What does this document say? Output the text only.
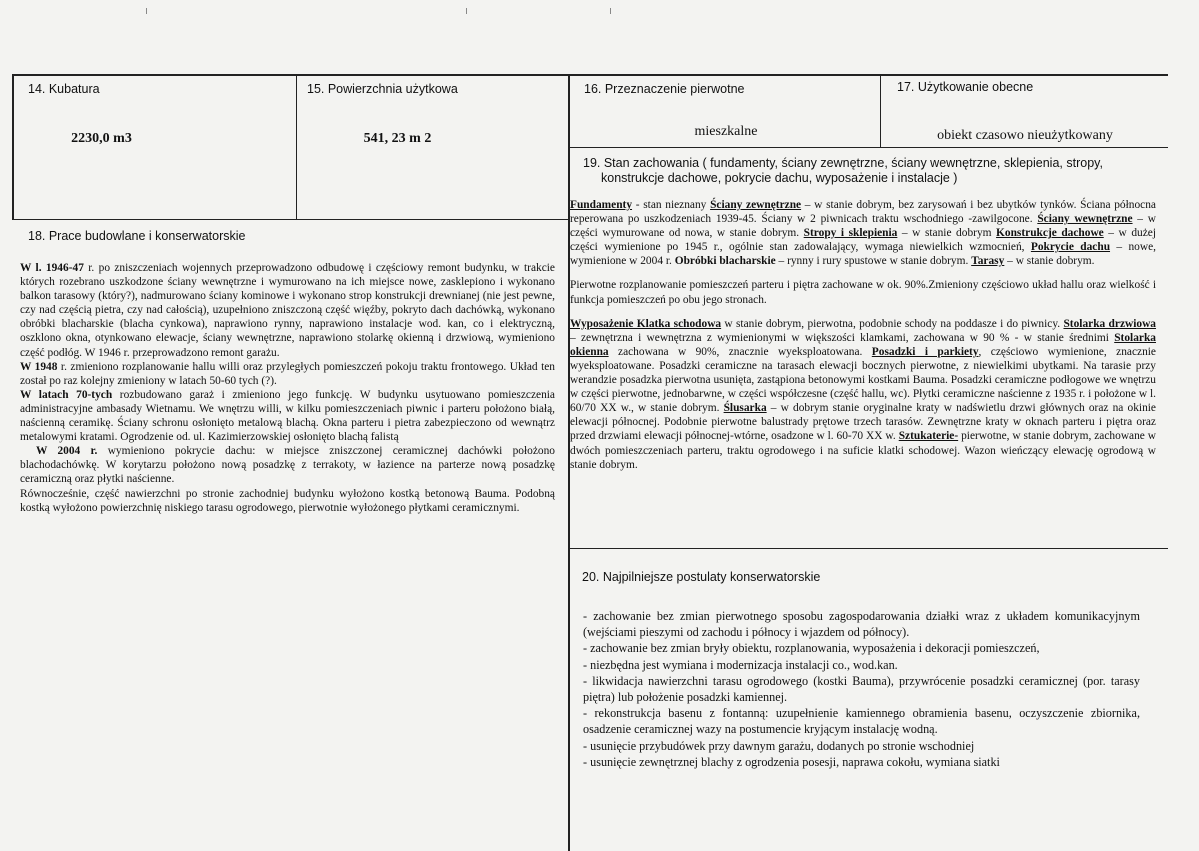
14. Kubatura
2230,0 m3
15. Powierzchnia użytkowa
541, 23 m 2
16. Przeznaczenie pierwotne
mieszkalne
17. Użytkowanie obecne
obiekt czasowo nieużytkowany
18. Prace budowlane i konserwatorskie

W l. 1946-47 r. po zniszczeniach wojennych przeprowadzono odbudowę i częściowy remont budynku, w trakcie których rozebrano uszkodzone ściany wewnętrzne i wymurowano na ich miejsce nowe, zasklepiono i wykonano balkon tarasowy (który?), nadmurowano ściany kominowe i wykonano strop konstrukcji drewnianej (nie jest pewne, czy nad częścią pietra, czy nad całością), uzupełniono zniszczoną część więźby, pokryto dach dachówką, wykonano obróbki blacharskie (blacha cynkowa), naprawiono rynny, naprawiono instalacje wod. kan, co i elektryczną, oszklono okna, otynkowano elewacje, ściany wewnętrzne, naprawiono stolarkę okienną i drzwiową, wymieniono część podłóg. W 1946 r. przeprowadzono remont garażu.

W 1948 r. zmieniono rozplanowanie hallu willi oraz przyległych pomieszczeń pokoju traktu frontowego. Układ ten został po raz kolejny zmieniony w latach 50-60 tych (?).

W latach 70-tych rozbudowano garaż i zmieniono jego funkcję. W budynku usytuowano pomieszczenia administracyjne ambasady Wietnamu. We wnętrzu willi, w kilku pomieszczeniach piwnic i parteru położono białą, naścienną ceramikę. Ściany schronu osłonięto metalową blachą. Okna parteru i pietra zabezpieczono od wewnątrz metalowymi kratami. Ogrodzenie od. ul. Kazimierzowskiej osłonięto blachą falistą

W 2004 r. wymieniono pokrycie dachu: w miejsce zniszczonej ceramicznej dachówki położono blachodachówkę. W korytarzu położono nową posadzkę z terrakoty, w łazience na parterze nową posadzkę ceramiczną oraz płytki naścienne.

Równocześnie, część nawierzchni po stronie zachodniej budynku wyłożono kostką betonową Bauma. Podobną kostką wyłożono powierzchnię niskiego tarasu ogrodowego, pierwotnie wyłożonego płytkami ceramicznymi.

19. Stan zachowania ( fundamenty, ściany zewnętrzne, ściany wewnętrzne, sklepienia, stropy, konstrukcje dachowe, pokrycie dachu, wyposażenie i instalacje )

Fundamenty - stan nieznany Ściany zewnętrzne – w stanie dobrym, bez zarysowań i bez ubytków tynków. Ściana północna reperowana po uszkodzeniach 1939-45. Ściany w 2 piwnicach traktu wschodniego -zawilgocone. Ściany wewnętrzne – w części wymurowane od nowa, w stanie dobrym. Stropy i sklepienia – w stanie dobrym Konstrukcje dachowe – w dużej części wymienione po 1945 r., ogólnie stan zadowalający, wymaga niewielkich wzmocnień, Pokrycie dachu – nowe, wymienione w 2004 r. Obróbki blacharskie – rynny i rury spustowe w stanie dobrym. Tarasy – w stanie dobrym.

Pierwotne rozplanowanie pomieszczeń parteru i piętra zachowane w ok. 90%.Zmieniony częściowo układ hallu oraz wielkość i funkcja pomieszczeń po obu jego stronach.

Wyposażenie Klatka schodowa w stanie dobrym, pierwotna, podobnie schody na poddasze i do piwnicy. Stolarka drzwiowa – zewnętrzna i wewnętrzna z wymienionymi w większości klamkami, zachowana w 90 % - w stanie średnimi Stolarka okienna zachowana w 90%, znacznie wyeksploatowana. Posadzki i parkiety, częściowo wymienione, znacznie wyeksploatowane. Posadzki ceramiczne na tarasach elewacji bocznych pierwotne, z niewielkimi ubytkami. Na tarasie przy werandzie posadzka pierwotna usunięta, zastąpiona betonowymi kostkami Bauma. Posadzki ceramiczne podłogowe we wnętrzu w części pierwotne, jednobarwne, w części współczesne (część hallu, wc). Płytki ceramiczne naścienne z 1935 r. i położone w l. 60/70 XX w., w stanie dobrym. Ślusarka – w dobrym stanie oryginalne kraty w nadświetlu drzwi głównych oraz na okinie elewacji północnej. Podobnie pierwotne balustrady prętowe trzech tarasów. Zewnętrzne kraty w oknach parteru i piętra oraz przed drzwiami elewacji północnej-wtórne, osadzone w l. 60-70 XX w. Sztukaterie- pierwotne, w stanie dobrym, zachowane w dwóch pomieszczeniach parteru, traktu ogrodowego i na suficie klatki schodowej. Wazon wieńczący elewację ogrodową w stanie dobrym.

20. Najpilniejsze postulaty konserwatorskie

- zachowanie bez zmian pierwotnego sposobu zagospodarowania działki wraz z układem komunikacyjnym (wejściami pieszymi od zachodu i północy i wjazdem od północy).

- zachowanie bez zmian bryły obiektu, rozplanowania, wyposażenia i dekoracji pomieszczeń,

- niezbędna jest wymiana i modernizacja instalacji co., wod.kan.

- likwidacja nawierzchni tarasu ogrodowego (kostki Bauma), przywrócenie posadzki ceramicznej (por. tarasy piętra) lub położenie posadzki kamiennej.

- rekonstrukcja basenu z fontanną: uzupełnienie kamiennego obramienia basenu, oczyszczenie zbiornika, osadzenie ceramicznej wazy na postumencie kryjącym instalację wodną.

- usunięcie przybudówek przy dawnym garażu, dodanych po stronie wschodniej

- usunięcie zewnętrznej blachy z ogrodzenia posesji, naprawa cokołu, wymiana siatki
